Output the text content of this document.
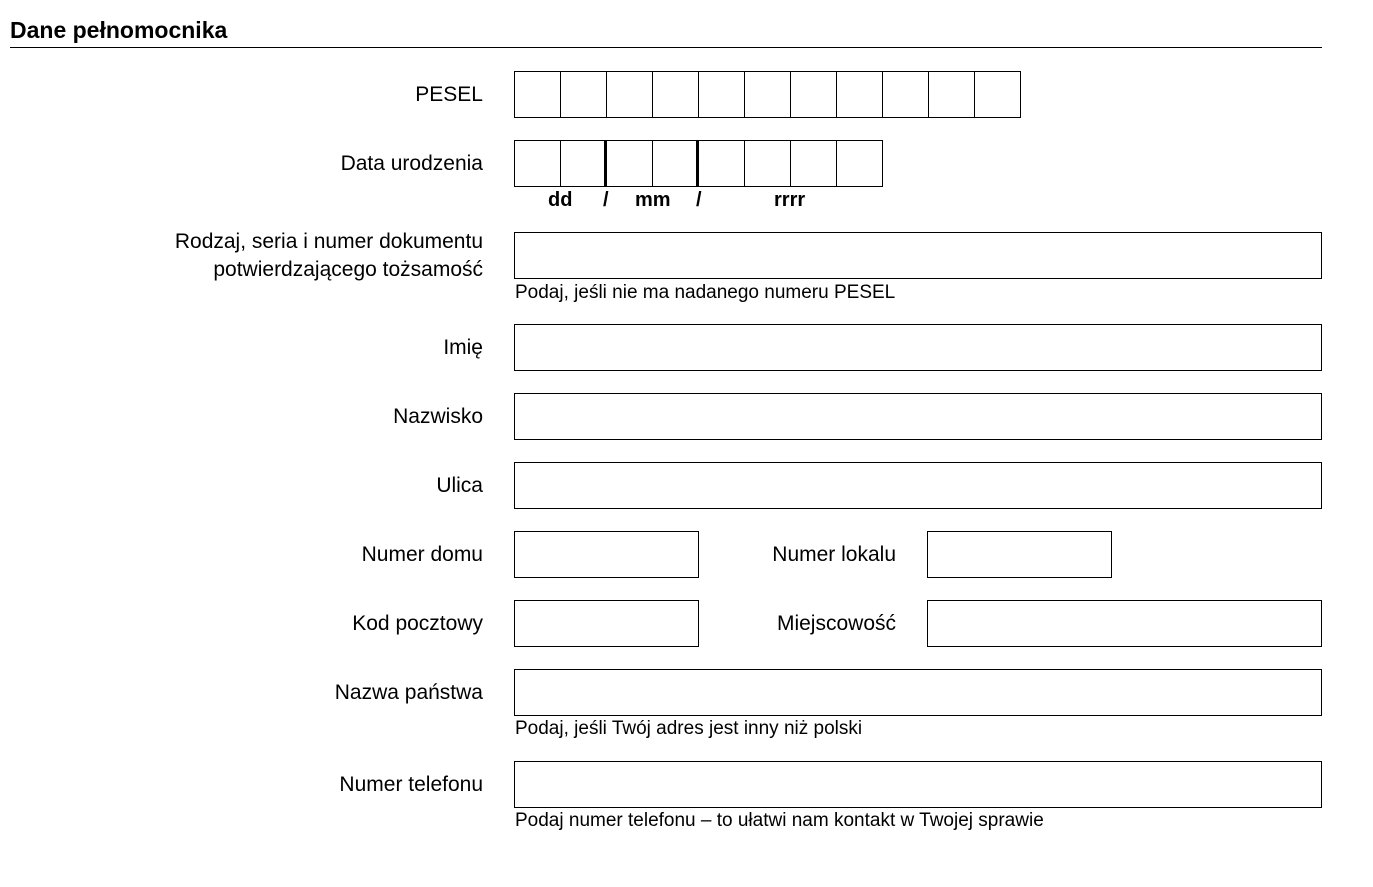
Dane pełnomocnika
PESEL
Data urodzenia
dd / mm /	rrrr
Rodzaj, seria i numer dokumentu
potwierdzającego tożsamość
Podaj, jeśli nie ma nadanego numeru PESEL
Imię
Nazwisko
Ulica
Numer domu	Numer lokalu
Kod pocztowy	Miejscowość
Nazwa państwa
Podaj, jeśli Twój adres jest inny niż polski
Numer telefonu
Podaj numer telefonu – to ułatwi nam kontakt w Twojej sprawie
